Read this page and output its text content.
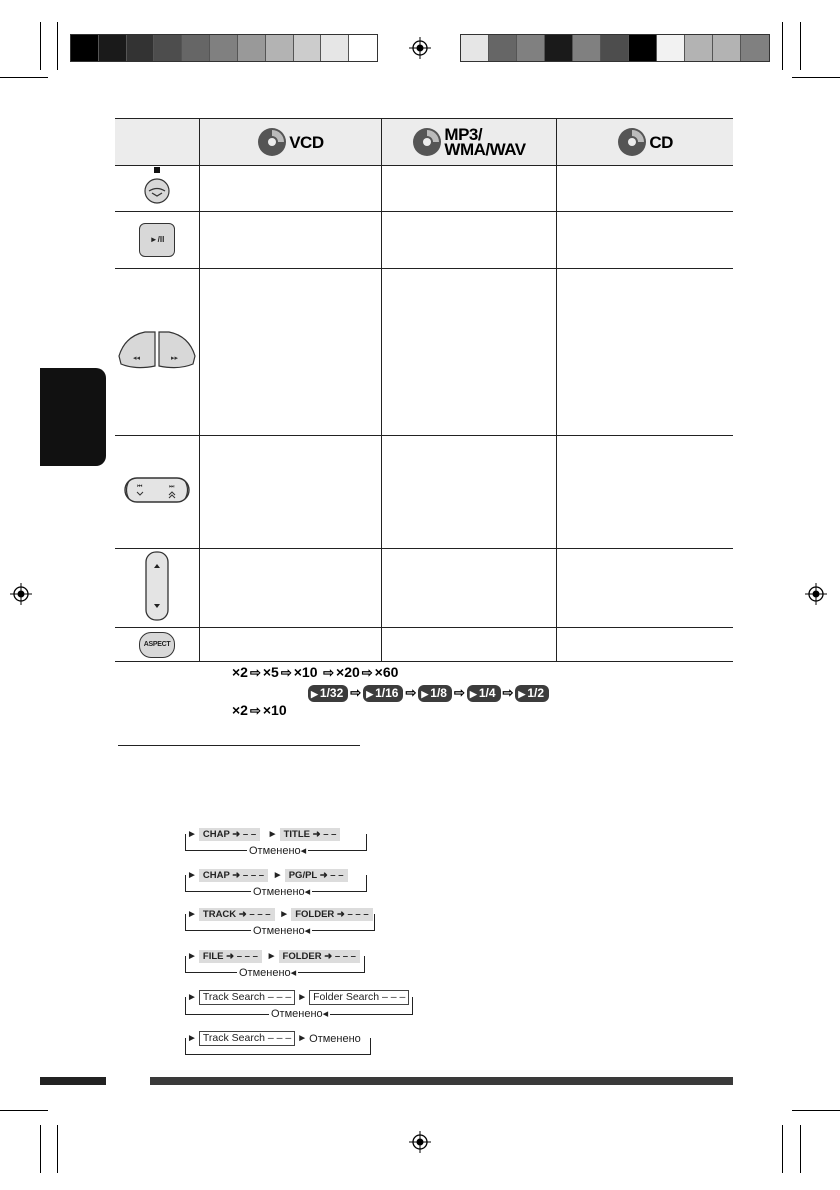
	VCD	MP3/
WMA/WAV	CD

►/II			

◂◂ ▸▸			

⏮ ⏭			

ASPECT			
×2 ⇨ ×5 ⇨ ×10 ⇨ ×20 ⇨ ×60
▶ 1/32 ⇨ ▶ 1/16 ⇨ ▶ 1/8 ⇨ ▶ 1/4 ⇨ ▶ 1/2
×2 ⇨ ×10
► CHAP ➜ – – ► TITLE ➜ – –
Отменено◂
► CHAP ➜ – – – ► PG/PL ➜ – –
Отменено◂
► TRACK ➜ – – – ► FOLDER ➜ – – –
Отменено◂
► FILE ➜ – – – ► FOLDER ➜ – – –
Отменено◂
► Track Search – – – ► Folder Search – – –
Отменено◂
► Track Search – – – ► Отменено
